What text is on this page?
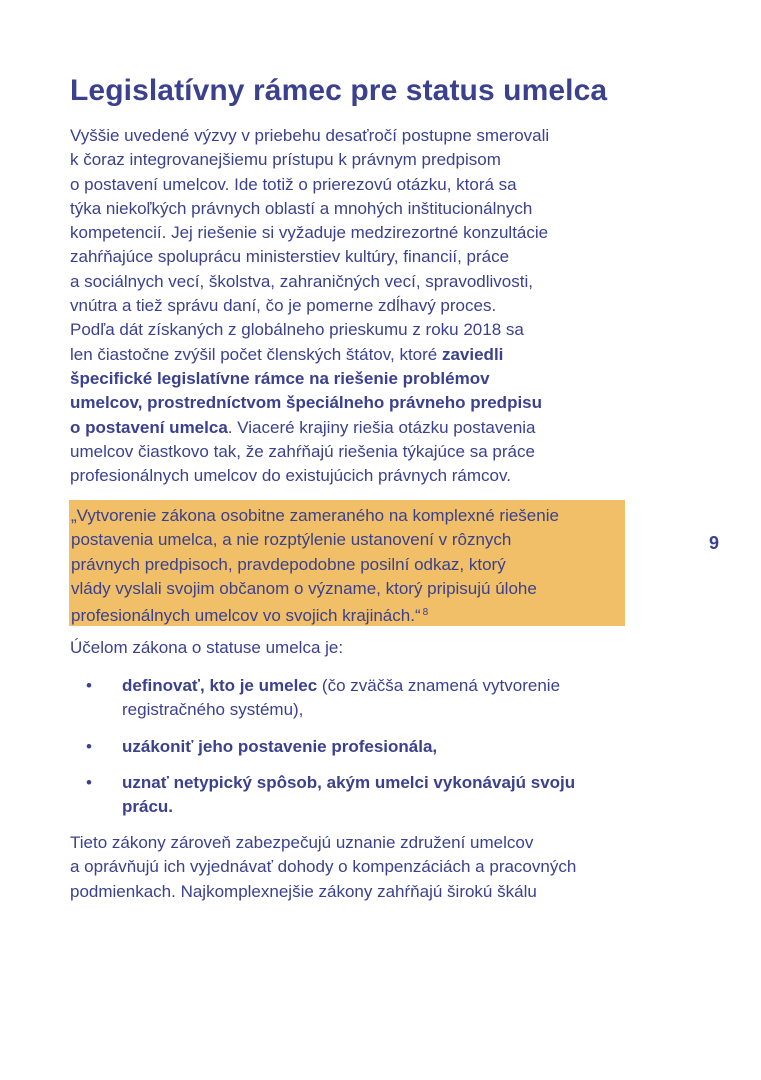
Legislatívny rámec pre status umelca
Vyššie uvedené výzvy v priebehu desaťročí postupne smerovali
k čoraz integrovanejšiemu prístupu k právnym predpisom
o postavení umelcov. Ide totiž o prierezovú otázku, ktorá sa
týka niekoľkých právnych oblastí a mnohých inštitucionálnych
kompetencií. Jej riešenie si vyžaduje medzirezortné konzultácie
zahŕňajúce spoluprácu ministerstiev kultúry, financií, práce
a sociálnych vecí, školstva, zahraničných vecí, spravodlivosti,
vnútra a tiež správu daní, čo je pomerne zdĺhavý proces.
Podľa dát získaných z globálneho prieskumu z roku 2018 sa
len čiastočne zvýšil počet členských štátov, ktoré zaviedli
špecifické legislatívne rámce na riešenie problémov
umelcov, prostredníctvom špeciálneho právneho predpisu
o postavení umelca. Viaceré krajiny riešia otázku postavenia
umelcov čiastkovo tak, že zahŕňajú riešenia týkajúce sa práce
profesionálnych umelcov do existujúcich právnych rámcov.
„Vytvorenie zákona osobitne zameraného na komplexné riešenie
postavenia umelca, a nie rozptýlenie ustanovení v rôznych
právnych predpisoch, pravdepodobne posilní odkaz, ktorý
vlády vyslali svojim občanom o význame, ktorý pripisujú úlohe
profesionálnych umelcov vo svojich krajinách.“ $^8$
9
Účelom zákona o statuse umelca je:
• definovať, kto je umelec (čo zväčša znamená vytvorenie
registračného systému),
• uzákoniť jeho postavenie profesionála,
• uznať netypický spôsob, akým umelci vykonávajú svoju
prácu.
Tieto zákony zároveň zabezpečujú uznanie združení umelcov
a oprávňujú ich vyjednávať dohody o kompenzáciách a pracovných
podmienkach. Najkomplexnejšie zákony zahŕňajú širokú škálu
